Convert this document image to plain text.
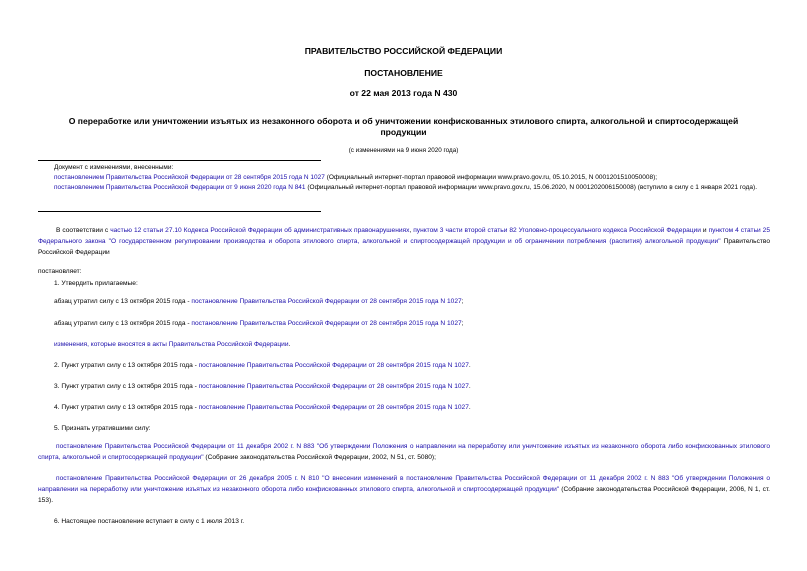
ПРАВИТЕЛЬСТВО РОССИЙСКОЙ ФЕДЕРАЦИИ
ПОСТАНОВЛЕНИЕ
от 22 мая 2013 года N 430
О переработке или уничтожении изъятых из незаконного оборота и об уничтожении конфискованных этилового спирта, алкогольной и спиртосодержащей
продукции
(с изменениями на 9 июня 2020 года)
Документ с изменениями, внесенными:
постановлением Правительства Российской Федерации от 28 сентября 2015 года N 1027 (Официальный интернет-портал правовой информации www.pravo.gov.ru, 05.10.2015, N 0001201510050008);
постановлением Правительства Российской Федерации от 9 июня 2020 года N 841 (Официальный интернет-портал правовой информации www.pravo.gov.ru, 15.06.2020, N 0001202006150008) (вступило в силу с 1 января 2021 года).
В соответствии с частью 12 статьи 27.10 Кодекса Российской Федерации об административных правонарушениях, пунктом 3 части второй статьи 82 Уголовно-процессуального кодекса Российской Федерации и пунктом 4 статьи 25 Федерального закона "О государственном регулировании производства и оборота этилового спирта, алкогольной и спиртосодержащей продукции и об ограничении потребления (распития) алкогольной продукции" Правительство Российской Федерации
постановляет:
1. Утвердить прилагаемые:
абзац утратил силу с 13 октября 2015 года - постановление Правительства Российской Федерации от 28 сентября 2015 года N 1027;
абзац утратил силу с 13 октября 2015 года - постановление Правительства Российской Федерации от 28 сентября 2015 года N 1027;
изменения, которые вносятся в акты Правительства Российской Федерации.
2. Пункт утратил силу с 13 октября 2015 года - постановление Правительства Российской Федерации от 28 сентября 2015 года N 1027.
3. Пункт утратил силу с 13 октября 2015 года - постановление Правительства Российской Федерации от 28 сентября 2015 года N 1027.
4. Пункт утратил силу с 13 октября 2015 года - постановление Правительства Российской Федерации от 28 сентября 2015 года N 1027.
5. Признать утратившими силу:
постановление Правительства Российской Федерации от 11 декабря 2002 г. N 883 "Об утверждении Положения о направлении на переработку или уничтожение изъятых из незаконного оборота либо конфискованных этилового спирта, алкогольной и спиртосодержащей продукции" (Собрание законодательства Российской Федерации, 2002, N 51, ст. 5080);
постановление Правительства Российской Федерации от 26 декабря 2005 г. N 810 "О внесении изменений в постановление Правительства Российской Федерации от 11 декабря 2002 г. N 883 "Об утверждении Положения о направлении на переработку или уничтожение изъятых из незаконного оборота либо конфискованных этилового спирта, алкогольной и спиртосодержащей продукции" (Собрание законодательства Российской Федерации, 2006, N 1, ст. 153).
6. Настоящее постановление вступает в силу с 1 июля 2013 г.
